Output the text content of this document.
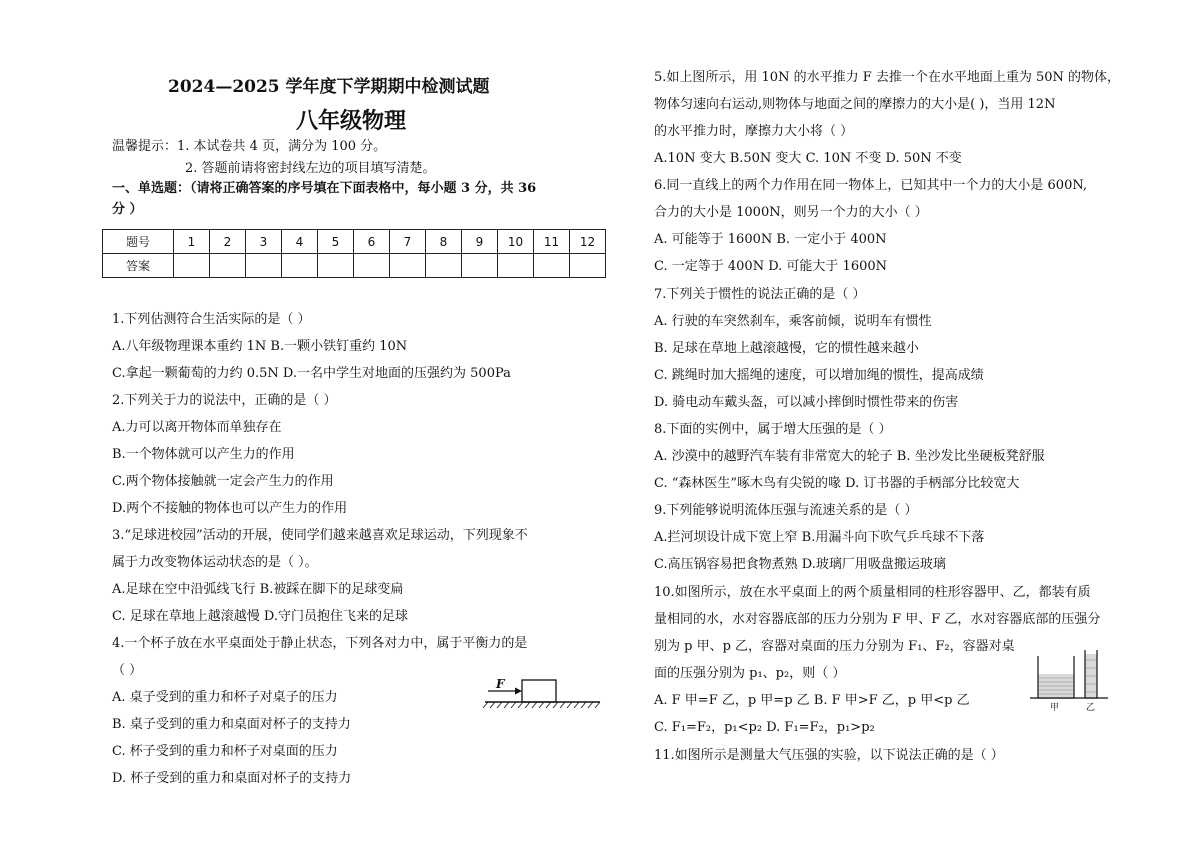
2024—2025 学年度下学期期中检测试题
八年级物理
温馨提示：1. 本试卷共 4 页，满分为 100 分。
2. 答题前请将密封线左边的项目填写清楚。
一、单选题：（请将正确答案的序号填在下面表格中，每小题 3 分，共 36
分 ）
1.下列估测符合生活实际的是（ ）
A.八年级物理课本重约 1N B.一颗小铁钉重约 10N
C.拿起一颗葡萄的力约 0.5N D.一名中学生对地面的压强约为 500Pa
2.下列关于力的说法中，正确的是（ ）
A.力可以离开物体而单独存在
B.一个物体就可以产生力的作用
C.两个物体接触就一定会产生力的作用
D.两个不接触的物体也可以产生力的作用
3.“足球进校园”活动的开展，使同学们越来越喜欢足球运动，下列现象不
属于力改变物体运动状态的是（ ）。
A.足球在空中沿弧线飞行 B.被踩在脚下的足球变扁
C. 足球在草地上越滚越慢 D.守门员抱住飞来的足球
4.一个杯子放在水平桌面处于静止状态，下列各对力中，属于平衡力的是
（ ）
A. 桌子受到的重力和杯子对桌子的压力
B. 桌子受到的重力和桌面对杯子的支持力
C. 杯子受到的重力和杯子对桌面的压力
D. 杯子受到的重力和桌面对杯子的支持力
题号	1	2	3	4	5	6	7	8	9	10	11	12
答案												
F
5.如上图所示，用 10N 的水平推力 F 去推一个在水平地面上重为 50N 的物体，
物体匀速向右运动,则物体与地面之间的摩擦力的大小是( )，当用 12N
的水平推力时，摩擦力大小将（ ）
A.10N 变大 B.50N 变大 C. 10N 不变 D. 50N 不变
6.同一直线上的两个力作用在同一物体上，已知其中一个力的大小是 600N,
合力的大小是 1000N，则另一个力的大小（ ）
A. 可能等于 1600N B. 一定小于 400N
C. 一定等于 400N D. 可能大于 1600N
7.下列关于惯性的说法正确的是（ ）
A. 行驶的车突然刹车，乘客前倾，说明车有惯性
B. 足球在草地上越滚越慢，它的惯性越来越小
C. 跳绳时加大摇绳的速度，可以增加绳的惯性，提高成绩
D. 骑电动车戴头盔，可以减小摔倒时惯性带来的伤害
8.下面的实例中，属于增大压强的是（ ）
A. 沙漠中的越野汽车装有非常宽大的轮子 B. 坐沙发比坐硬板凳舒服
C. “森林医生”啄木鸟有尖锐的喙 D. 订书器的手柄部分比较宽大
9.下列能够说明流体压强与流速关系的是（ ）
A.拦河坝设计成下宽上窄 B.用漏斗向下吹气乒乓球不下落
C.高压锅容易把食物煮熟 D.玻璃厂用吸盘搬运玻璃
10.如图所示，放在水平桌面上的两个质量相同的柱形容器甲、乙，都装有质
量相同的水，水对容器底部的压力分别为 F 甲、F 乙，水对容器底部的压强分
别为 p 甲、p 乙，容器对桌面的压力分别为 F₁、F₂，容器对桌
面的压强分别为 p₁、p₂，则（ ）
A. F 甲=F 乙，p 甲=p 乙 B. F 甲>F 乙，p 甲<p 乙
C. F₁=F₂，p₁<p₂ D. F₁=F₂，p₁>p₂
11.如图所示是测量大气压强的实验，以下说法正确的是（ ）
甲	乙
